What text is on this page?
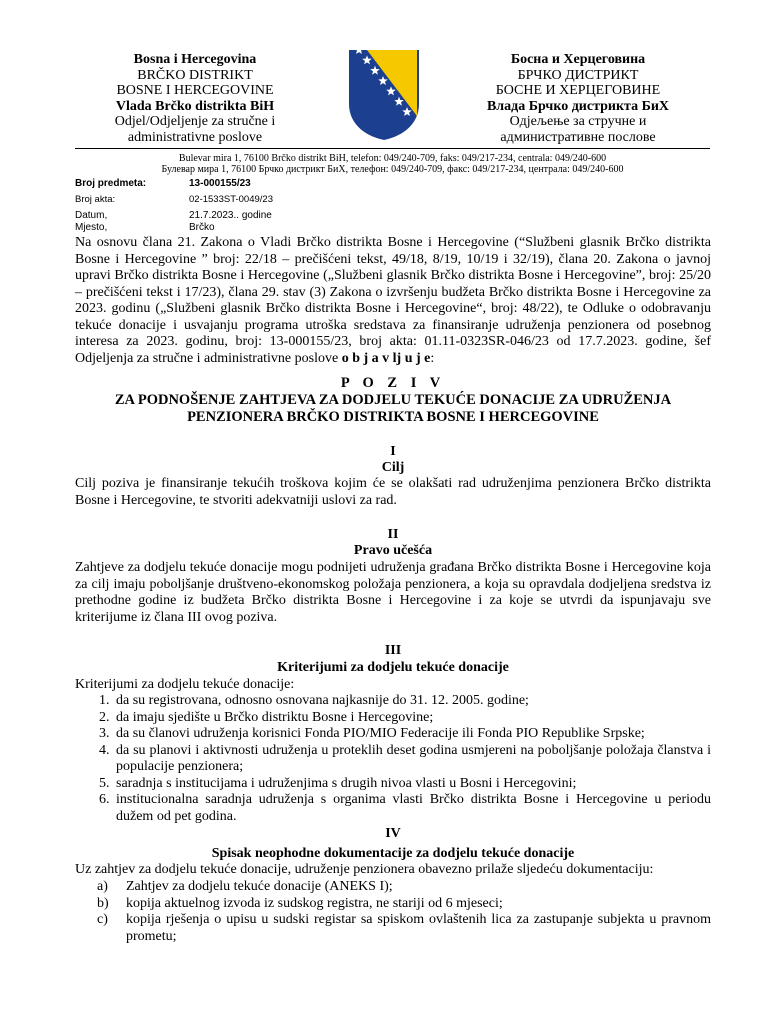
Bosna i Hercegovina
BRČKO DISTRIKT
BOSNE I HERCEGOVINE
Vlada Brčko distrikta BiH
Odjel/Odjeljenje za stručne i
administrativne poslove
Босна и Херцеговина
БРЧКО ДИСТРИКТ
БОСНЕ И ХЕРЦЕГОВИНЕ
Влада Брчко дистрикта БиХ
Одјељење за стручне и
административне послове
Bulevar mira 1, 76100 Brčko distrikt BiH, telefon: 049/240-709, faks: 049/217-234, centrala: 049/240-600
Булевар мира 1, 76100 Брчко дистрикт БиХ, телефон: 049/240-709, факс: 049/217-234, централа: 049/240-600
Broj predmeta:	13-000155/23
Broj akta:	02-1533ST-0049/23
Datum,	21.7.2023.. godine
Mjesto,	Brčko
Na osnovu člana 21. Zakona o Vladi Brčko distrikta Bosne i Hercegovine (“Službeni glasnik Brčko distrikta Bosne i Hercegovine ” broj: 22/18 – prečišćeni tekst, 49/18, 8/19, 10/19 i 32/19), člana 20. Zakona o javnoj upravi Brčko distrikta Bosne i Hercegovine („Službeni glasnik Brčko distrikta Bosne i Hercegovine”, broj: 25/20 – prečišćeni tekst i 17/23), člana 29. stav (3) Zakona o izvršenju budžeta Brčko distrikta Bosne i Hercegovine za 2023. godinu („Službeni glasnik Brčko distrikta Bosne i Hercegovine“, broj: 48/22), te Odluke o odobravanju tekuće donacije i usvajanju programa utroška sredstava za finansiranje udruženja penzionera od posebnog interesa za 2023. godinu, broj: 13-000155/23, broj akta: 01.11-0323SR-046/23 od 17.7.2023. godine, šef Odjeljenja za stručne i administrativne poslove o b j a v lj u j e:
P O Z I V
ZA PODNOŠENJE ZAHTJEVA ZA DODJELU TEKUĆE DONACIJE ZA UDRUŽENJA
PENZIONERA BRČKO DISTRIKTA BOSNE I HERCEGOVINE
I
Cilj
Cilj poziva je finansiranje tekućih troškova kojim će se olakšati rad udruženjima penzionera Brčko distrikta Bosne i Hercegovine, te stvoriti adekvatniji uslovi za rad.
II
Pravo učešća
Zahtjeve za dodjelu tekuće donacije mogu podnijeti udruženja građana Brčko distrikta Bosne i Hercegovine koja za cilj imaju poboljšanje društveno-ekonomskog položaja penzionera, a koja su opravdala dodjeljena sredstva iz prethodne godine iz budžeta Brčko distrikta Bosne i Hercegovine i za koje se utvrdi da ispunjavaju sve kriterijume iz člana III ovog poziva.
III
Kriterijumi za dodjelu tekuće donacije
Kriterijumi za dodjelu tekuće donacije:
1. da su registrovana, odnosno osnovana najkasnije do 31. 12. 2005. godine;
2. da imaju sjedište u Brčko distriktu Bosne i Hercegovine;
3. da su članovi udruženja korisnici Fonda PIO/MIO Federacije ili Fonda PIO Republike Srpske;
4. da su planovi i aktivnosti udruženja u proteklih deset godina usmjereni na poboljšanje položaja članstva i populacije penzionera;
5. saradnja s institucijama i udruženjima s drugih nivoa vlasti u Bosni i Hercegovini;
6. institucionalna saradnja udruženja s organima vlasti Brčko distrikta Bosne i Hercegovine u periodu dužem od pet godina.
IV
Spisak neophodne dokumentacije za dodjelu tekuće donacije
Uz zahtjev za dodjelu tekuće donacije, udruženje penzionera obavezno prilaže sljedeću dokumentaciju:
a) Zahtjev za dodjelu tekuće donacije (ANEKS I);
b) kopija aktuelnog izvoda iz sudskog registra, ne stariji od 6 mjeseci;
c) kopija rješenja o upisu u sudski registar sa spiskom ovlaštenih lica za zastupanje subjekta u pravnom prometu;
